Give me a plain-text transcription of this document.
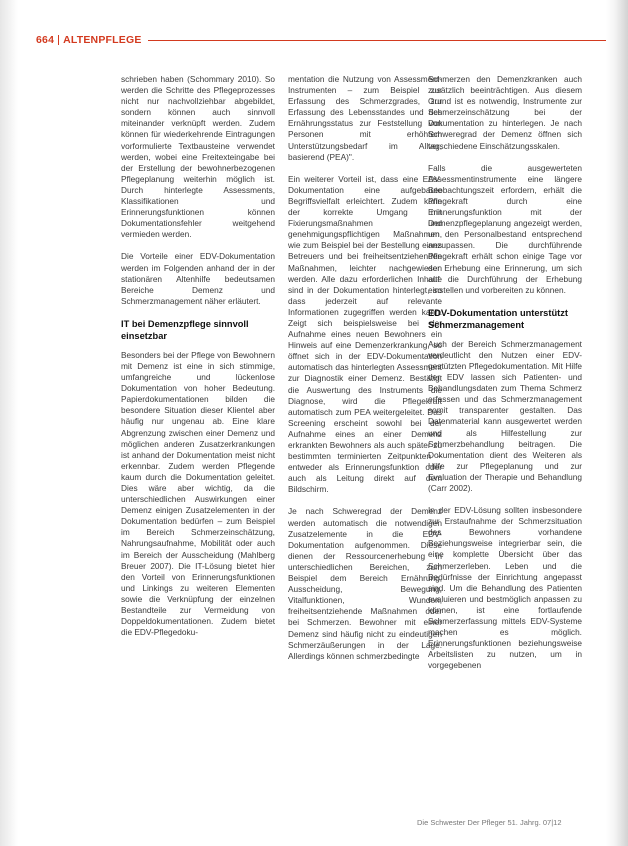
664 ALTENPFLEGE

schrieben haben (Schommary 2010). So werden die Schritte des Pflegeprozesses nicht nur nachvollziehbar abgebildet, sondern können auch sinnvoll miteinander verknüpft werden. Zudem können für wiederkehrende Eintragungen vorformulierte Textbausteine verwendet werden, wobei eine Freitexteingabe bei der Erstellung der bewohnerbezogenen Pflegeplanung weiterhin möglich ist. Durch hinterlegte Assessments, Klassifikationen und Erinnerungsfunktionen können Dokumentationsfehler weitgehend vermieden werden.

Die Vorteile einer EDV-Dokumentation werden im Folgenden anhand der in der stationären Altenhilfe bedeutsamen Bereiche Demenz und Schmerzmanagement näher erläutert.

IT bei Demenzpflege sinnvoll einsetzbar

Besonders bei der Pflege von Bewohnern mit Demenz ist eine in sich stimmige, umfangreiche und lückenlose Dokumentation von hoher Bedeutung. Papierdokumentationen bilden die besondere Situation dieser Klientel aber häufig nur ungenau ab. Eine klare Abgrenzung zwischen einer Demenz und möglichen anderen Zusatzerkrankungen ist anhand der Dokumentation meist nicht erkennbar. Zudem werden Pflegende kaum durch die Dokumentation geleitet. Dies wäre aber wichtig, da die unterschiedlichen Auswirkungen einer Demenz einigen Zusatzelementen in der Dokumentation bedürfen – zum Beispiel im Bereich Schmerzeinschätzung, Nahrungsaufnahme, Mobilität oder auch im Bereich der Ausscheidung (Mahlberg Breuer 2007). Die IT-Lösung bietet hier den Vorteil von Erinnerungsfunktionen und Linkings zu weiteren Elementen sowie die Verknüpfung der einzelnen Bestandteile zur Vermeidung von Doppeldokumentationen. Zudem bietet die EDV-Pflegedoku-

mentation die Nutzung von Assessment-Instrumenten – zum Beispiel zur Erfassung des Schmerzgrades, zur Erfassung des Lebensstandes und des Ernährungsstatus zur Feststellung von Personen mit erhöhtem Unterstützungsbedarf im Alltag, basierend (PEA)".

Ein weiterer Vorteil ist, dass eine EDV-Dokumentation eine aufgebaute Begriffsvielfalt erleichtert. Zudem kann der korrekte Umgang mit Fixierungsmaßnahmen und genehmigungspflichtigen Maßnahmen, wie zum Beispiel bei der Bestellung eines Betreuers und bei freiheitsentziehenden Maßnahmen, leichter nachgewiesen werden. Alle dazu erforderlichen Inhalte sind in der Dokumentation hinterlegt, so dass jederzeit auf relevante Informationen zugegriffen werden kann. Zeigt sich beispielsweise bei der Aufnahme eines neuen Bewohners ein Hinweis auf eine Demenzerkrankung, so öffnet sich in der EDV-Dokumentation automatisch das hinterlegten Assessment zur Diagnostik einer Demenz. Bestätigt die Auswertung des Instruments die Diagnose, wird die Pflegekraft automatisch zum PEA weitergeleitet. Das Screening erscheint sowohl bei der Aufnahme eines an einer Demenz erkrankten Bewohners als auch später zu bestimmten terminierten Zeitpunkten – entweder als Erinnerungsfunktion oder auch als Leitung direkt auf dem Bildschirm.

Je nach Schweregrad der Demenz werden automatisch die notwendigen Zusatzelemente in die EDV-Dokumentation aufgenommen. Diese dienen der Ressourcenerhebung in unterschiedlichen Bereichen, zum Beispiel dem Bereich Ernährung, Ausscheidung, Bewegung, Vitalfunktionen, Wunden, freiheitsentziehende Maßnahmen oder bei Schmerzen. Bewohner mit einer Demenz sind häufig nicht zu eindeutigen Schmerzäußerungen in der Lage. Allerdings können schmerzbedingte

Schmerzen den Demenzkranken auch zusätzlich beeinträchtigen. Aus diesem Grund ist es notwendig, Instrumente zur Schmerzeinschätzung bei der Dokumentation zu hinterlegen. Je nach Schweregrad der Demenz öffnen sich verschiedene Einschätzungsskalen.

Falls die ausgewerteten Assessmentinstrumente eine längere Beobachtungszeit erfordern, erhält die Pflegekraft durch eine Erinnerungsfunktion mit der Demenzpflegeplanung angezeigt werden, um den Personalbestand entsprechend anzupassen. Die durchführende Pflegekraft erhält schon einige Tage vor der Erhebung eine Erinnerung, um sich auf die Durchführung der Erhebung einstellen und vorbereiten zu können.

EDV-Dokumentation unterstützt Schmerzmanagement

Auch der Bereich Schmerzmanagement verdeutlicht den Nutzen einer EDV-gestützten Pflegedokumentation. Mit Hilfe der EDV lassen sich Patienten- und Behandlungsdaten zum Thema Schmerz erfassen und das Schmerzmanagement somit transparenter gestalten. Das Datenmaterial kann ausgewertet werden und als Hilfestellung zur Schmerzbehandlung beitragen. Die Dokumentation dient des Weiteren als Hilfe zur Pflegeplanung und zur Evaluation der Therapie und Behandlung (Carr 2002).

In der EDV-Lösung sollten insbesondere zur Erstaufnahme der Schmerzsituation des Bewohners vorhandene Beziehungsweise integrierbar sein, die eine komplette Übersicht über das Schmerzerleben. Leben und die Bedürfnisse der Einrichtung angepasst sind. Um die Behandlung des Patienten evaluieren und bestmöglich anpassen zu können, ist eine fortlaufende Schmerzerfassung mittels EDV-Systeme machen es möglich. Erinnerungsfunktionen beziehungsweise Arbeitslisten zu nutzen, um in vorgegebenen

Die Schwester Der Pfleger 51. Jahrg. 07|12
